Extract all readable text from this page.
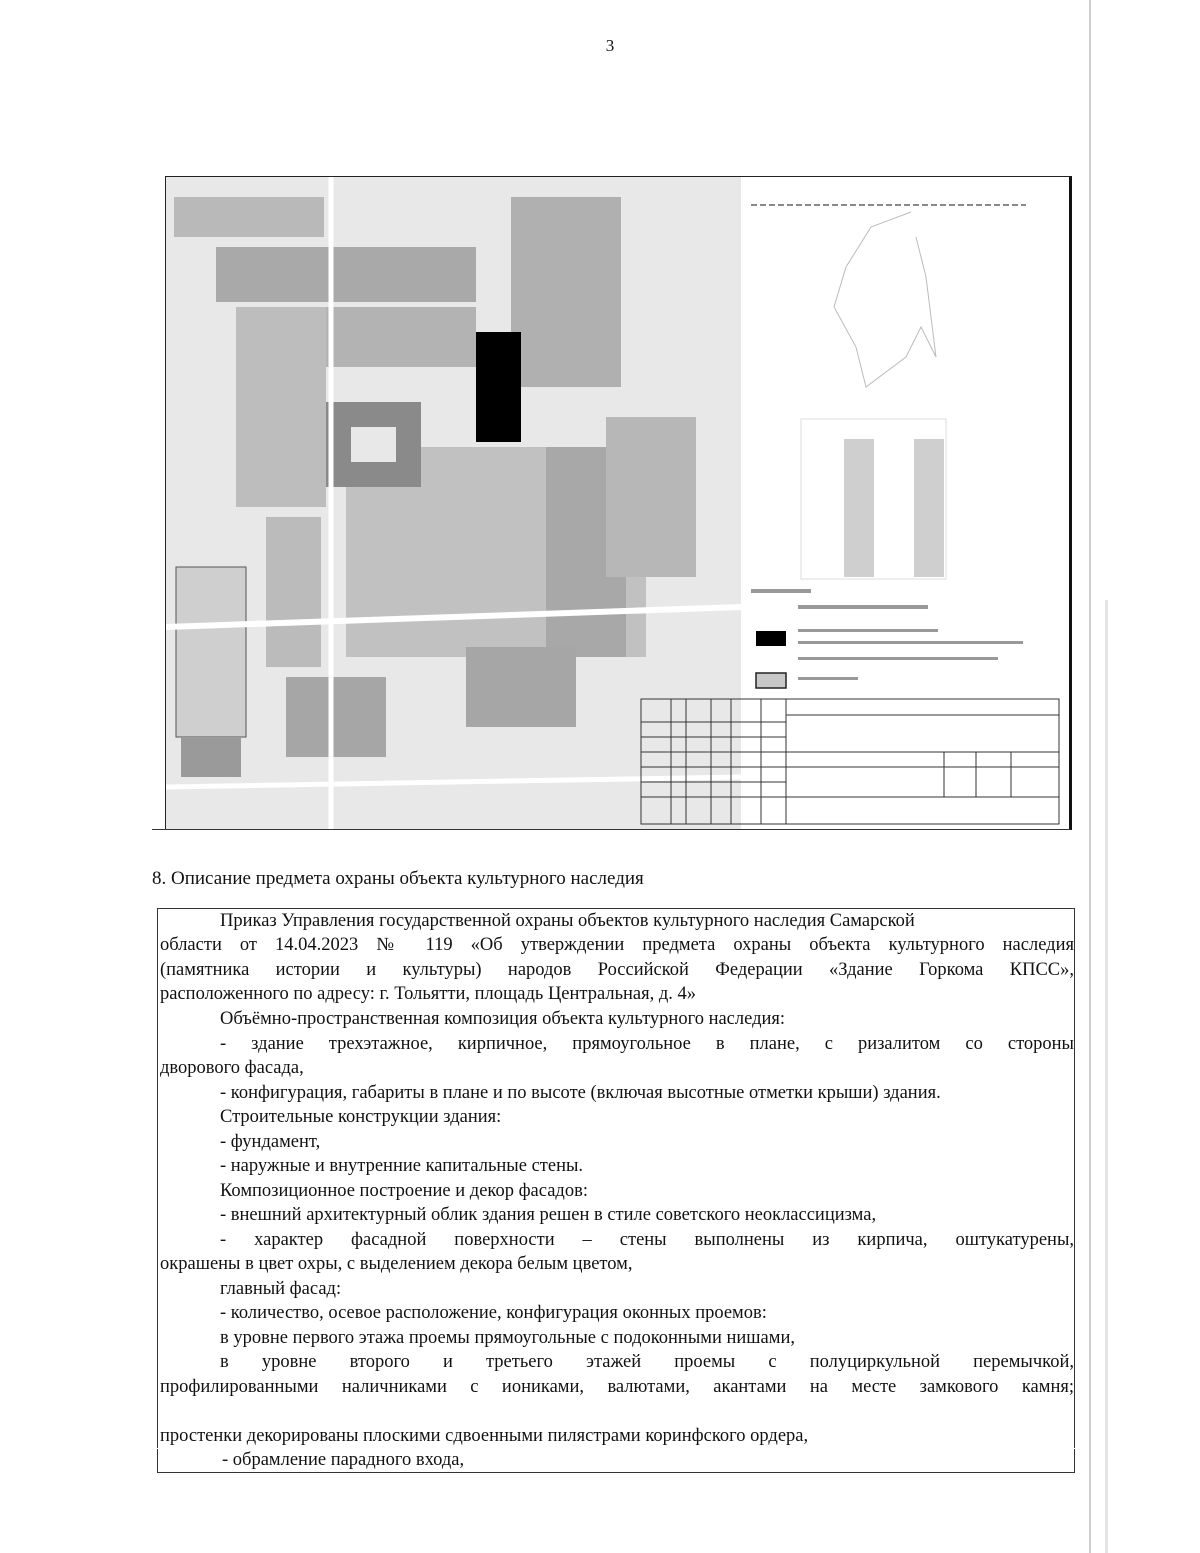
3
8. Описание предмета охраны объекта культурного наследия
Приказ Управления государственной охраны объектов культурного наследия Самарской
области от 14.04.2023 № 119 «Об утверждении предмета охраны объекта культурного наследия
(памятника истории и культуры) народов Российской Федерации «Здание Горкома КПСС»,
расположенного по адресу: г. Тольятти, площадь Центральная, д. 4»
Объёмно-пространственная композиция объекта культурного наследия:
- здание трехэтажное, кирпичное, прямоугольное в плане, с ризалитом со стороны
дворового фасада,
- конфигурация, габариты в плане и по высоте (включая высотные отметки крыши) здания.
Строительные конструкции здания:
- фундамент,
- наружные и внутренние капитальные стены.
Композиционное построение и декор фасадов:
- внешний архитектурный облик здания решен в стиле советского неоклассицизма,
- характер фасадной поверхности – стены выполнены из кирпича, оштукатурены,
окрашены в цвет охры, с выделением декора белым цветом,
главный фасад:
- количество, осевое расположение, конфигурация оконных проемов:
в уровне первого этажа проемы прямоугольные с подоконными нишами,
в уровне второго и третьего этажей проемы с полуциркульной перемычкой,
профилированными наличниками с иониками, валютами, акантами на месте замкового камня;
простенки декорированы плоскими сдвоенными пилястрами коринфского ордера,
- обрамление парадного входа,
